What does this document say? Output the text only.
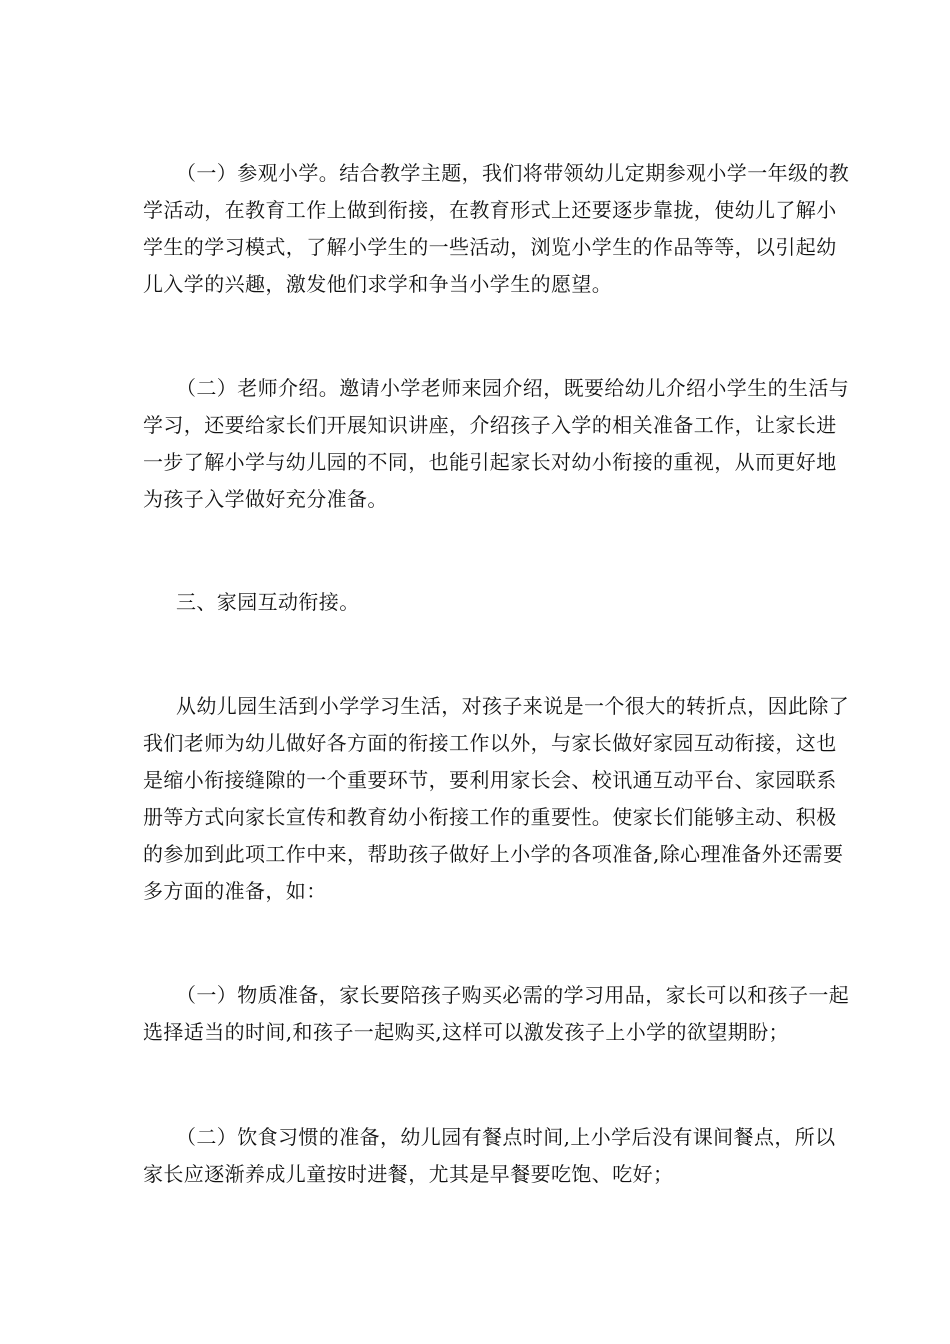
（一）参观小学。结合教学主题，我们将带领幼儿定期参观小学一年级的教
学活动，在教育工作上做到衔接，在教育形式上还要逐步靠拢，使幼儿了解小
学生的学习模式，了解小学生的一些活动，浏览小学生的作品等等，以引起幼
儿入学的兴趣，激发他们求学和争当小学生的愿望。
（二）老师介绍。邀请小学老师来园介绍，既要给幼儿介绍小学生的生活与
学习，还要给家长们开展知识讲座，介绍孩子入学的相关准备工作，让家长进
一步了解小学与幼儿园的不同，也能引起家长对幼小衔接的重视，从而更好地
为孩子入学做好充分准备。
三、家园互动衔接。
从幼儿园生活到小学学习生活，对孩子来说是一个很大的转折点，因此除了
我们老师为幼儿做好各方面的衔接工作以外，与家长做好家园互动衔接，这也
是缩小衔接缝隙的一个重要环节，要利用家长会、校讯通互动平台、家园联系
册等方式向家长宣传和教育幼小衔接工作的重要性。使家长们能够主动、积极
的参加到此项工作中来，帮助孩子做好上小学的各项准备,除心理准备外还需要
多方面的准备，如：
（一）物质准备，家长要陪孩子购买必需的学习用品，家长可以和孩子一起
选择适当的时间,和孩子一起购买,这样可以激发孩子上小学的欲望期盼；
（二）饮食习惯的准备，幼儿园有餐点时间,上小学后没有课间餐点，所以
家长应逐渐养成儿童按时进餐，尤其是早餐要吃饱、吃好；
